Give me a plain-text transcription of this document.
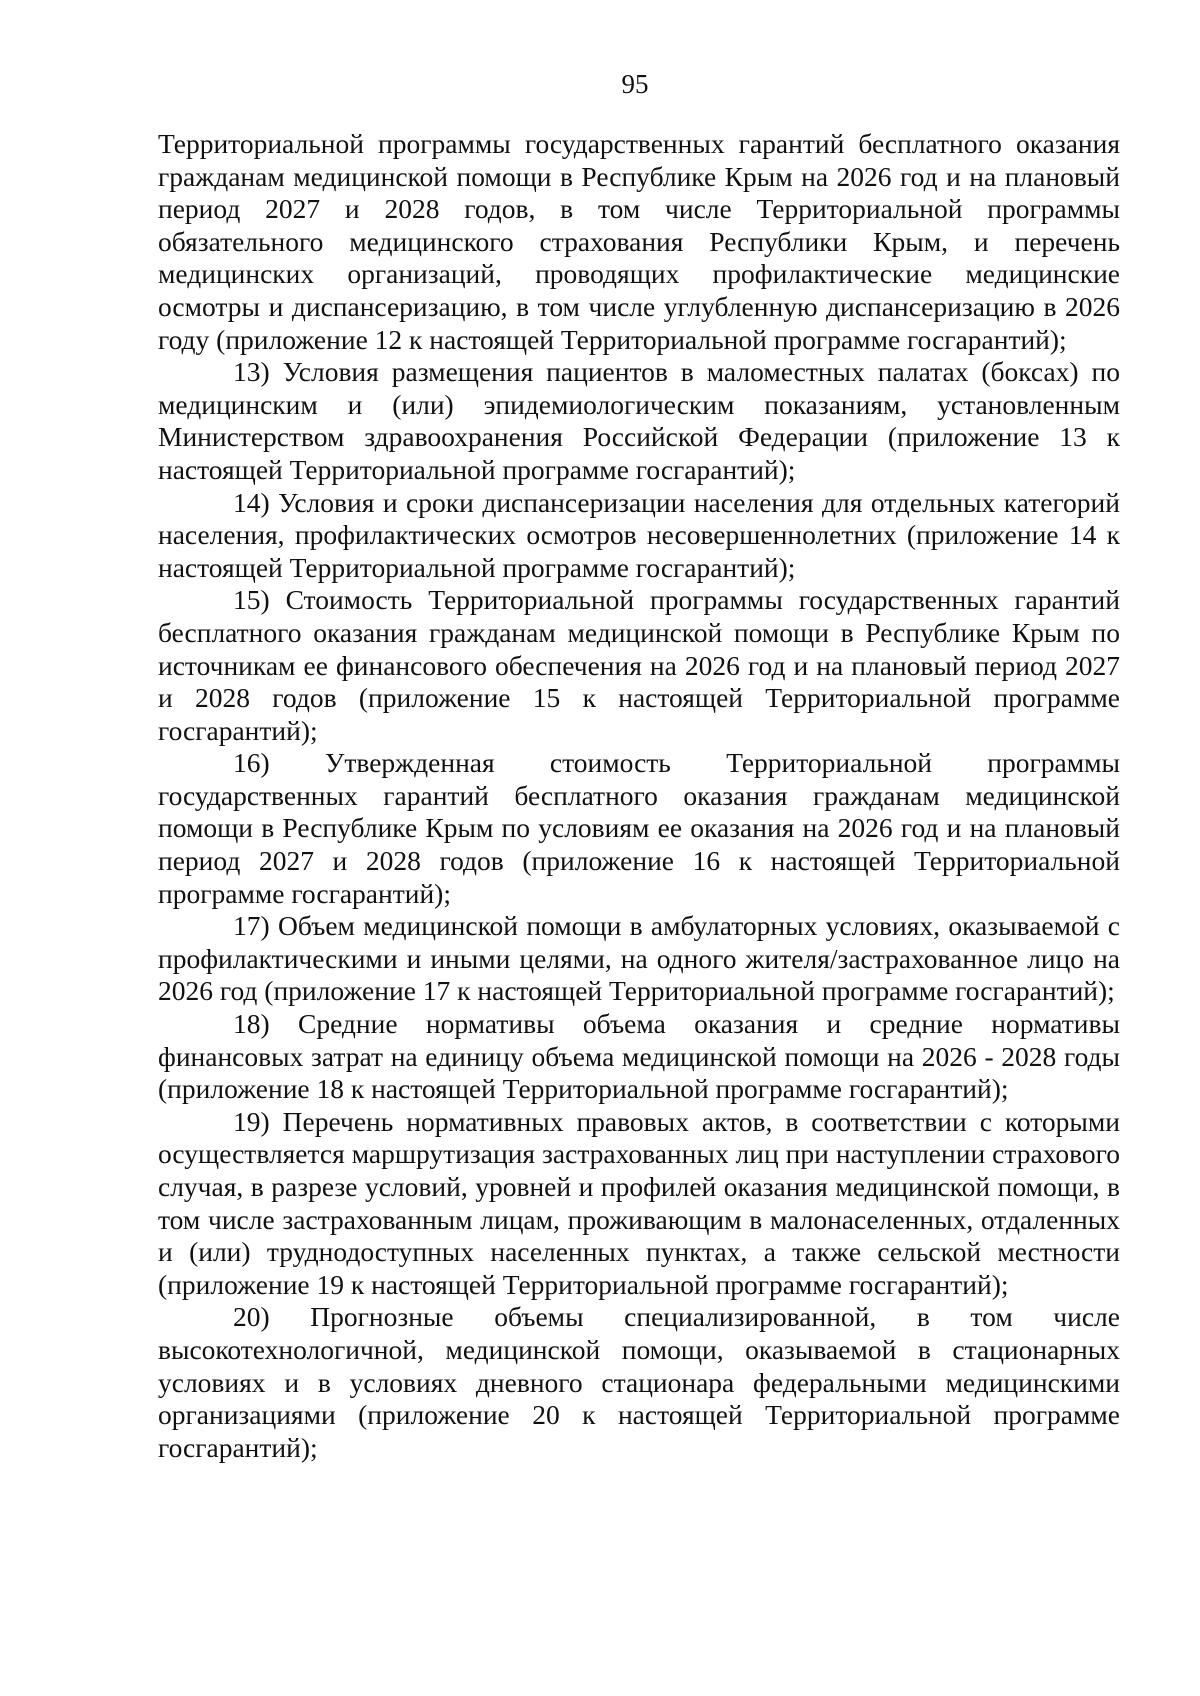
95

Территориальной программы государственных гарантий бесплатного оказания гражданам медицинской помощи в Республике Крым на 2026 год и на плановый период 2027 и 2028 годов, в том числе Территориальной программы обязательного медицинского страхования Республики Крым, и перечень медицинских организаций, проводящих профилактические медицинские осмотры и диспансеризацию, в том числе углубленную диспансеризацию в 2026 году (приложение 12 к настоящей Территориальной программе госгарантий);

13) Условия размещения пациентов в маломестных палатах (боксах) по медицинским и (или) эпидемиологическим показаниям, установленным Министерством здравоохранения Российской Федерации (приложение 13 к настоящей Территориальной программе госгарантий);

14) Условия и сроки диспансеризации населения для отдельных категорий населения, профилактических осмотров несовершеннолетних (приложение 14 к настоящей Территориальной программе госгарантий);

15) Стоимость Территориальной программы государственных гарантий бесплатного оказания гражданам медицинской помощи в Республике Крым по источникам ее финансового обеспечения на 2026 год и на плановый период 2027 и 2028 годов (приложение 15 к настоящей Территориальной программе госгарантий);

16) Утвержденная стоимость Территориальной программы государственных гарантий бесплатного оказания гражданам медицинской помощи в Республике Крым по условиям ее оказания на 2026 год и на плановый период 2027 и 2028 годов (приложение 16 к настоящей Территориальной программе госгарантий);

17) Объем медицинской помощи в амбулаторных условиях, оказываемой с профилактическими и иными целями, на одного жителя/застрахованное лицо на 2026 год (приложение 17 к настоящей Территориальной программе госгарантий);

18) Средние нормативы объема оказания и средние нормативы финансовых затрат на единицу объема медицинской помощи на 2026 - 2028 годы (приложение 18 к настоящей Территориальной программе госгарантий);

19) Перечень нормативных правовых актов, в соответствии с которыми осуществляется маршрутизация застрахованных лиц при наступлении страхового случая, в разрезе условий, уровней и профилей оказания медицинской помощи, в том числе застрахованным лицам, проживающим в малонаселенных, отдаленных и (или) труднодоступных населенных пунктах, а также сельской местности (приложение 19 к настоящей Территориальной программе госгарантий);

20) Прогнозные объемы специализированной, в том числе высокотехнологичной, медицинской помощи, оказываемой в стационарных условиях и в условиях дневного стационара федеральными медицинскими организациями (приложение 20 к настоящей Территориальной программе госгарантий);
